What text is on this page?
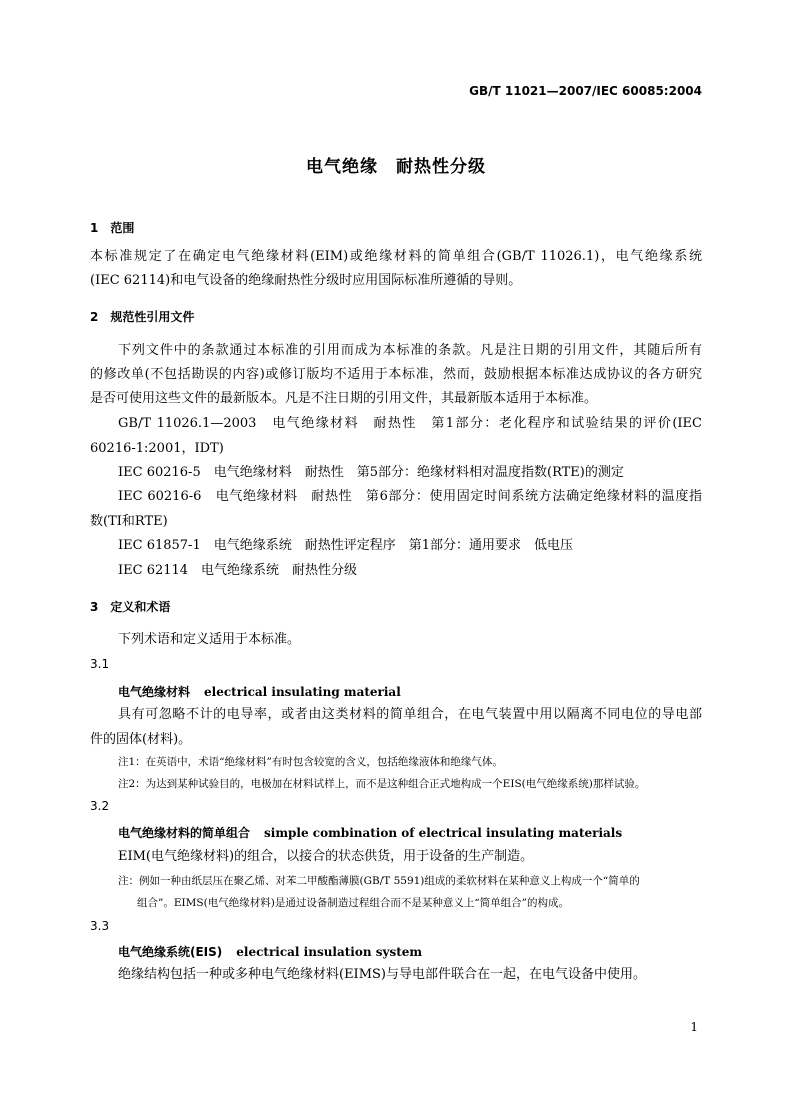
GB/T 11021—2007/IEC 60085:2004
电气绝缘　耐热性分级
1　范围
本标准规定了在确定电气绝缘材料(EIM)或绝缘材料的简单组合(GB/T 11026.1)，电气绝缘系统
(IEC 62114)和电气设备的绝缘耐热性分级时应用国际标准所遵循的导则。
2　规范性引用文件
下列文件中的条款通过本标准的引用而成为本标准的条款。凡是注日期的引用文件，其随后所有
的修改单(不包括勘误的内容)或修订版均不适用于本标准，然而，鼓励根据本标准达成协议的各方研究
是否可使用这些文件的最新版本。凡是不注日期的引用文件，其最新版本适用于本标准。
GB/T 11026.1—2003　电气绝缘材料　耐热性　第1部分：老化程序和试验结果的评价(IEC
60216-1:2001，IDT)
IEC 60216-5　电气绝缘材料　耐热性　第5部分：绝缘材料相对温度指数(RTE)的测定
IEC 60216-6　电气绝缘材料　耐热性　第6部分：使用固定时间系统方法确定绝缘材料的温度指
数(TI和RTE)
IEC 61857-1　电气绝缘系统　耐热性评定程序　第1部分：通用要求　低电压
IEC 62114　电气绝缘系统　耐热性分级
3　定义和术语
下列术语和定义适用于本标准。
3.1
电气绝缘材料 electrical insulating material
具有可忽略不计的电导率，或者由这类材料的简单组合，在电气装置中用以隔离不同电位的导电部
件的固体(材料)。
注1：在英语中，术语“绝缘材料”有时包含较宽的含义，包括绝缘液体和绝缘气体。
注2：为达到某种试验目的，电极加在材料试样上，而不是这种组合正式地构成一个EIS(电气绝缘系统)那样试验。
3.2
电气绝缘材料的简单组合 simple combination of electrical insulating materials
EIM(电气绝缘材料)的组合，以接合的状态供货，用于设备的生产制造。
注：例如一种由纸层压在聚乙烯、对苯二甲酸酯薄膜(GB/T 5591)组成的柔软材料在某种意义上构成一个“简单的
组合”。EIMS(电气绝缘材料)是通过设备制造过程组合而不是某种意义上“简单组合”的构成。
3.3
电气绝缘系统(EIS) electrical insulation system
绝缘结构包括一种或多种电气绝缘材料(EIMS)与导电部件联合在一起，在电气设备中使用。
1
